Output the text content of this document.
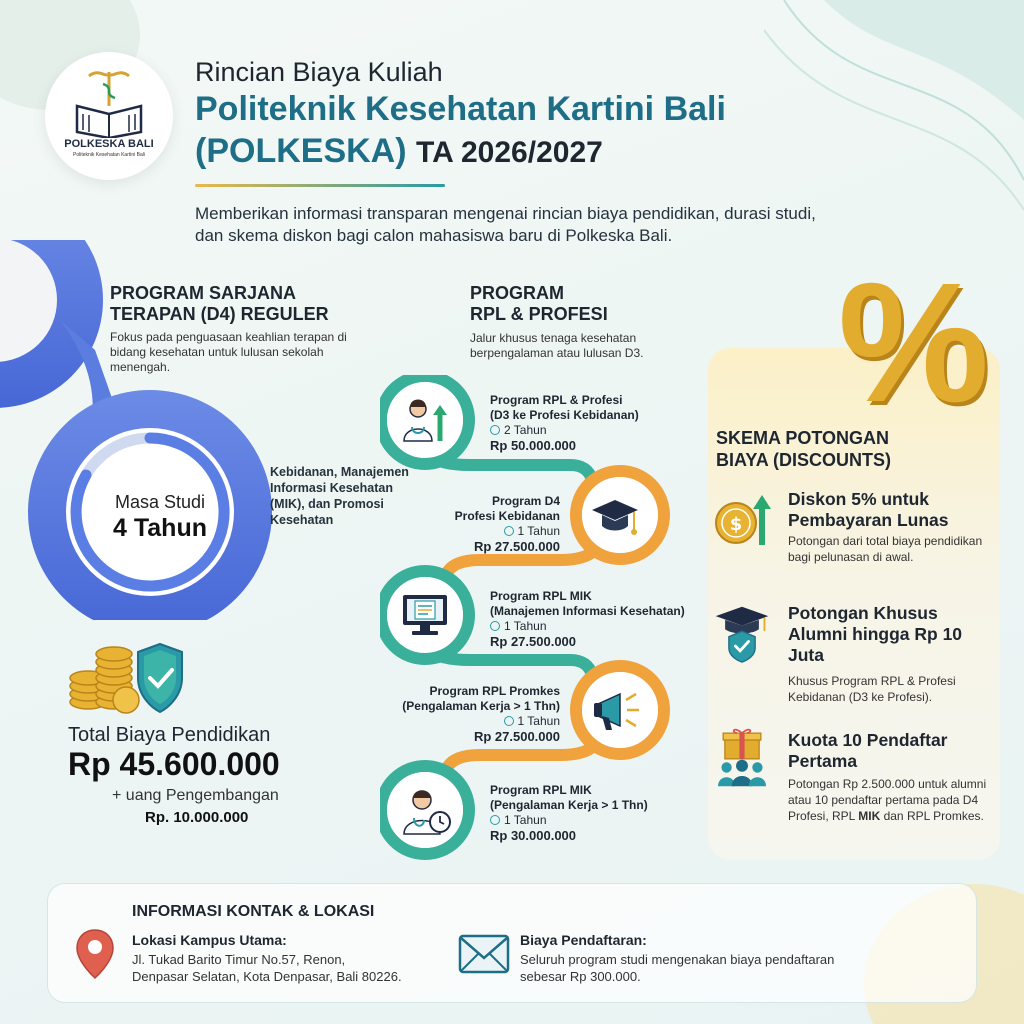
POLKESKA BALI
Politeknik Kesehatan Kartini Bali
Rincian Biaya Kuliah
Politeknik Kesehatan Kartini Bali
(POLKESKA) TA 2026/2027
Memberikan informasi transparan mengenai rincian biaya pendidikan, durasi studi, dan skema diskon bagi calon mahasiswa baru di Polkeska Bali.
PROGRAM SARJANA
TERAPAN (D4) REGULER
Fokus pada penguasaan keahlian terapan di bidang kesehatan untuk lulusan sekolah menengah.
Masa Studi
4 Tahun
Kebidanan, Manajemen Informasi Kesehatan (MIK), dan Promosi Kesehatan
Total Biaya Pendidikan
Rp 45.600.000
+ uang Pengembangan
Rp. 10.000.000
PROGRAM
RPL & PROFESI
Jalur khusus tenaga kesehatan berpengalaman atau lulusan D3.
Program RPL & Profesi
(D3 ke Profesi Kebidanan)
2 Tahun
Rp 50.000.000
Program D4
Profesi Kebidanan
1 Tahun
Rp 27.500.000
Program RPL MIK
(Manajemen Informasi Kesehatan)
1 Tahun
Rp 27.500.000
Program RPL Promkes
(Pengalaman Kerja > 1 Thn)
1 Tahun
Rp 27.500.000
Program RPL MIK
(Pengalaman Kerja > 1 Thn)
1 Tahun
Rp 30.000.000
%
SKEMA POTONGAN
BIAYA (DISCOUNTS)
$
Diskon 5% untuk Pembayaran Lunas
Potongan dari total biaya pendidikan bagi pelunasan di awal.
Potongan Khusus Alumni hingga Rp 10 Juta
Khusus Program RPL & Profesi Kebidanan (D3 ke Profesi).
Kuota 10 Pendaftar Pertama
Potongan Rp 2.500.000 untuk alumni atau 10 pendaftar pertama pada D4 Profesi, RPL MIK dan RPL Promkes.
INFORMASI KONTAK & LOKASI
Lokasi Kampus Utama:
Jl. Tukad Barito Timur No.57, Renon,
Denpasar Selatan, Kota Denpasar, Bali 80226.
Biaya Pendaftaran:
Seluruh program studi mengenakan biaya pendaftaran
sebesar Rp 300.000.
